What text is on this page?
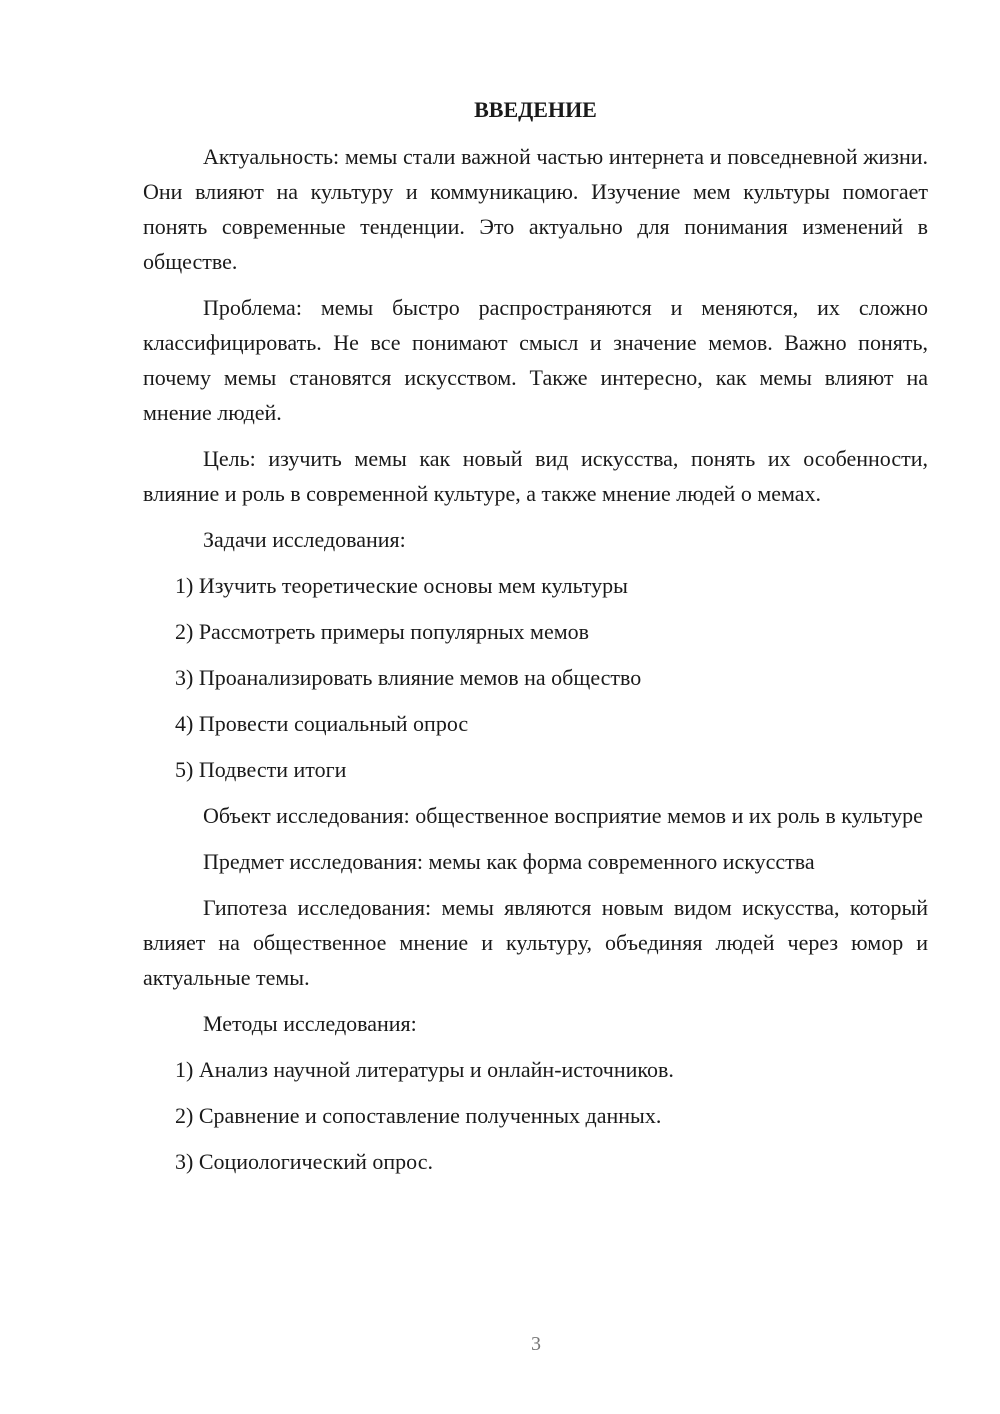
ВВЕДЕНИЕ
Актуальность: мемы стали важной частью интернета и повседневной жизни. Они влияют на культуру и коммуникацию. Изучение мем культуры помогает понять современные тенденции. Это актуально для понимания изменений в обществе.
Проблема: мемы быстро распространяются и меняются, их сложно классифицировать. Не все понимают смысл и значение мемов. Важно понять, почему мемы становятся искусством. Также интересно, как мемы влияют на мнение людей.
Цель: изучить мемы как новый вид искусства, понять их особенности, влияние и роль в современной культуре, а также мнение людей о мемах.
Задачи исследования:
1) Изучить теоретические основы мем культуры
2) Рассмотреть примеры популярных мемов
3) Проанализировать влияние мемов на общество
4) Провести социальный опрос
5) Подвести итоги
Объект исследования: общественное восприятие мемов и их роль в культуре
Предмет исследования: мемы как форма современного искусства
Гипотеза исследования: мемы являются новым видом искусства, который влияет на общественное мнение и культуру, объединяя людей через юмор и актуальные темы.
Методы исследования:
1) Анализ научной литературы и онлайн-источников.
2) Сравнение и сопоставление полученных данных.
3) Социологический опрос.
3
